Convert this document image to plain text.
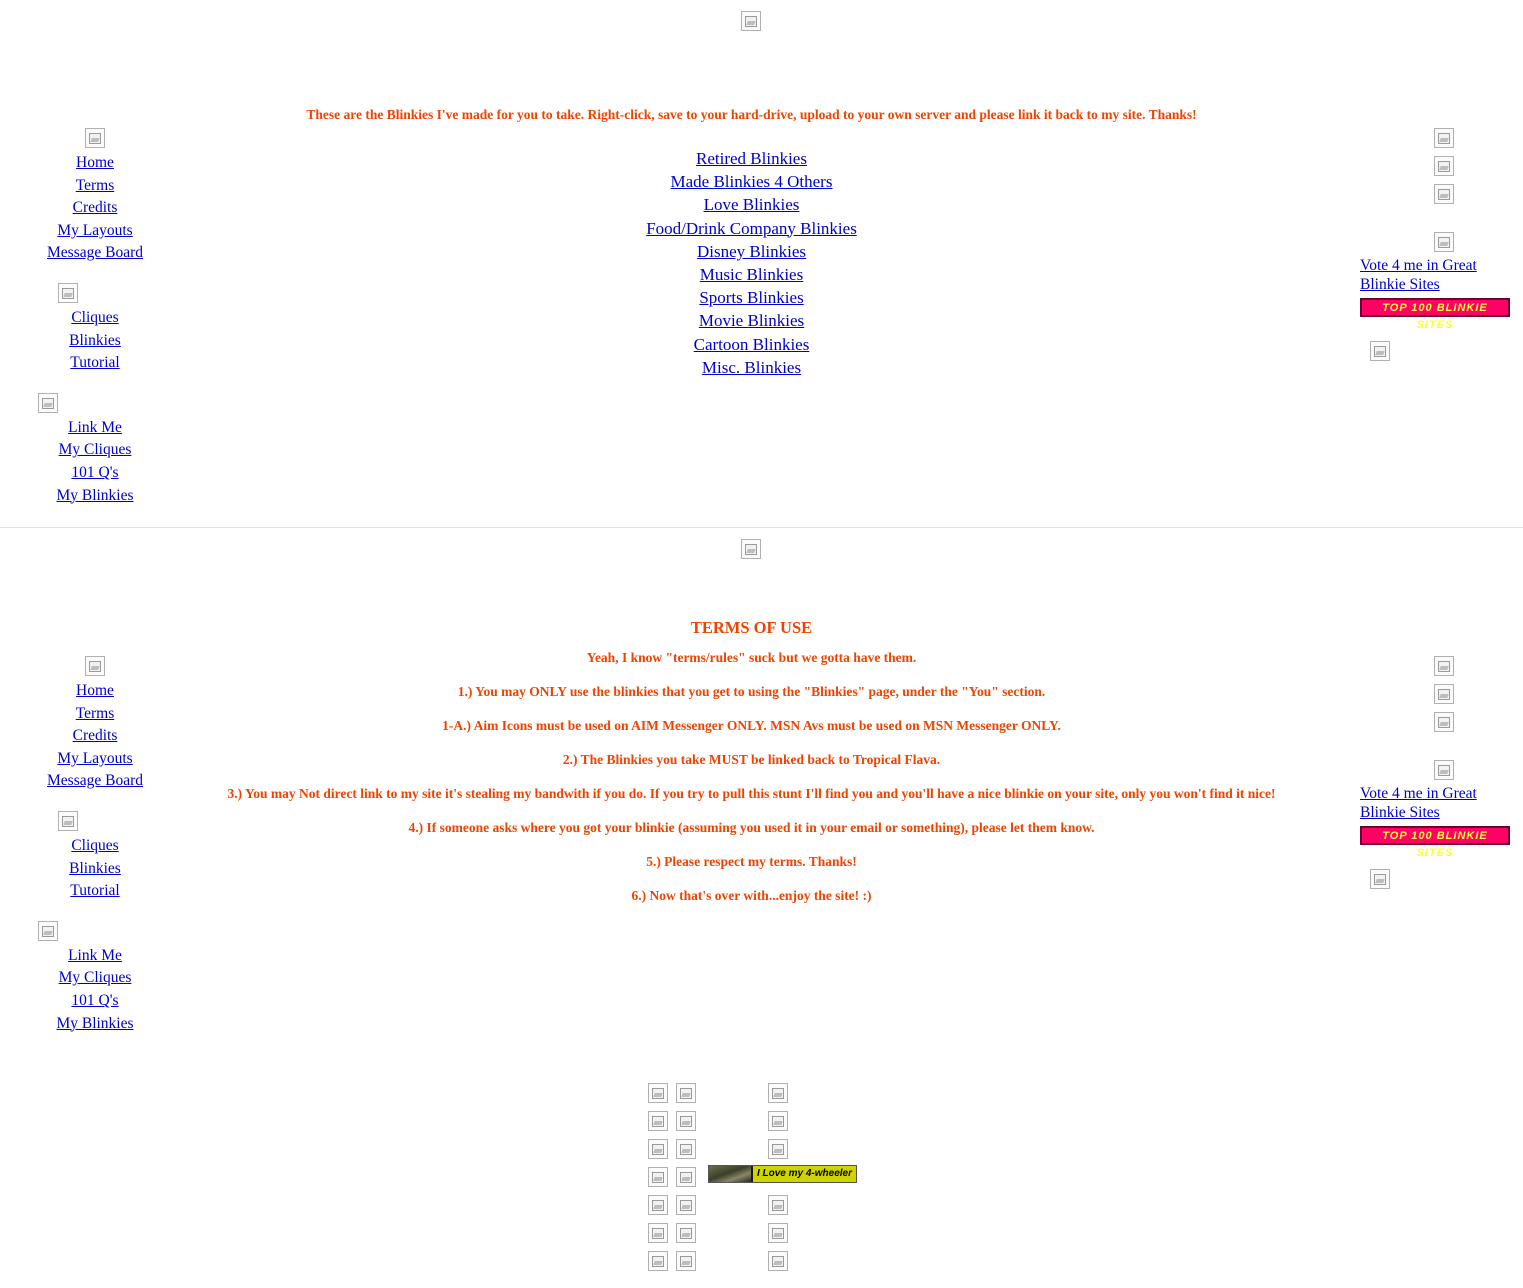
Home
Terms
Credits
My Layouts
Message Board
Cliques
Blinkies
Tutorial
Link Me
My Cliques
101 Q's
My Blinkies

These are the Blinkies I've made for you to take. Right-click, save to your hard-drive, upload to your own server and please link it back to my site. Thanks!

Retired Blinkies
Made Blinkies 4 Others
Love Blinkies
Food/Drink Company Blinkies
Disney Blinkies
Music Blinkies
Sports Blinkies
Movie Blinkies
Cartoon Blinkies
Misc. Blinkies
Vote 4 me in Great Blinkie Sites
TOP 100 BLINKIE SITES
Home
Terms
Credits
My Layouts
Message Board
Cliques
Blinkies
Tutorial
Link Me
My Cliques
101 Q's
My Blinkies

TERMS OF USE

Yeah, I know "terms/rules" suck but we gotta have them.

1.) You may ONLY use the blinkies that you get to using the "Blinkies" page, under the "You" section.

1-A.) Aim Icons must be used on AIM Messenger ONLY. MSN Avs must be used on MSN Messenger ONLY.

2.) The Blinkies you take MUST be linked back to Tropical Flava.

3.) You may Not direct link to my site it's stealing my bandwith if you do. If you try to pull this stunt I'll find you and you'll have a nice blinkie on your site, only you won't find it nice!

4.) If someone asks where you got your blinkie (assuming you used it in your email or something), please let them know.

5.) Please respect my terms. Thanks!

6.) Now that's over with...enjoy the site! :)

Vote 4 me in Great Blinkie Sites
TOP 100 BLINKIE SITES
I Love my 4-wheeler
